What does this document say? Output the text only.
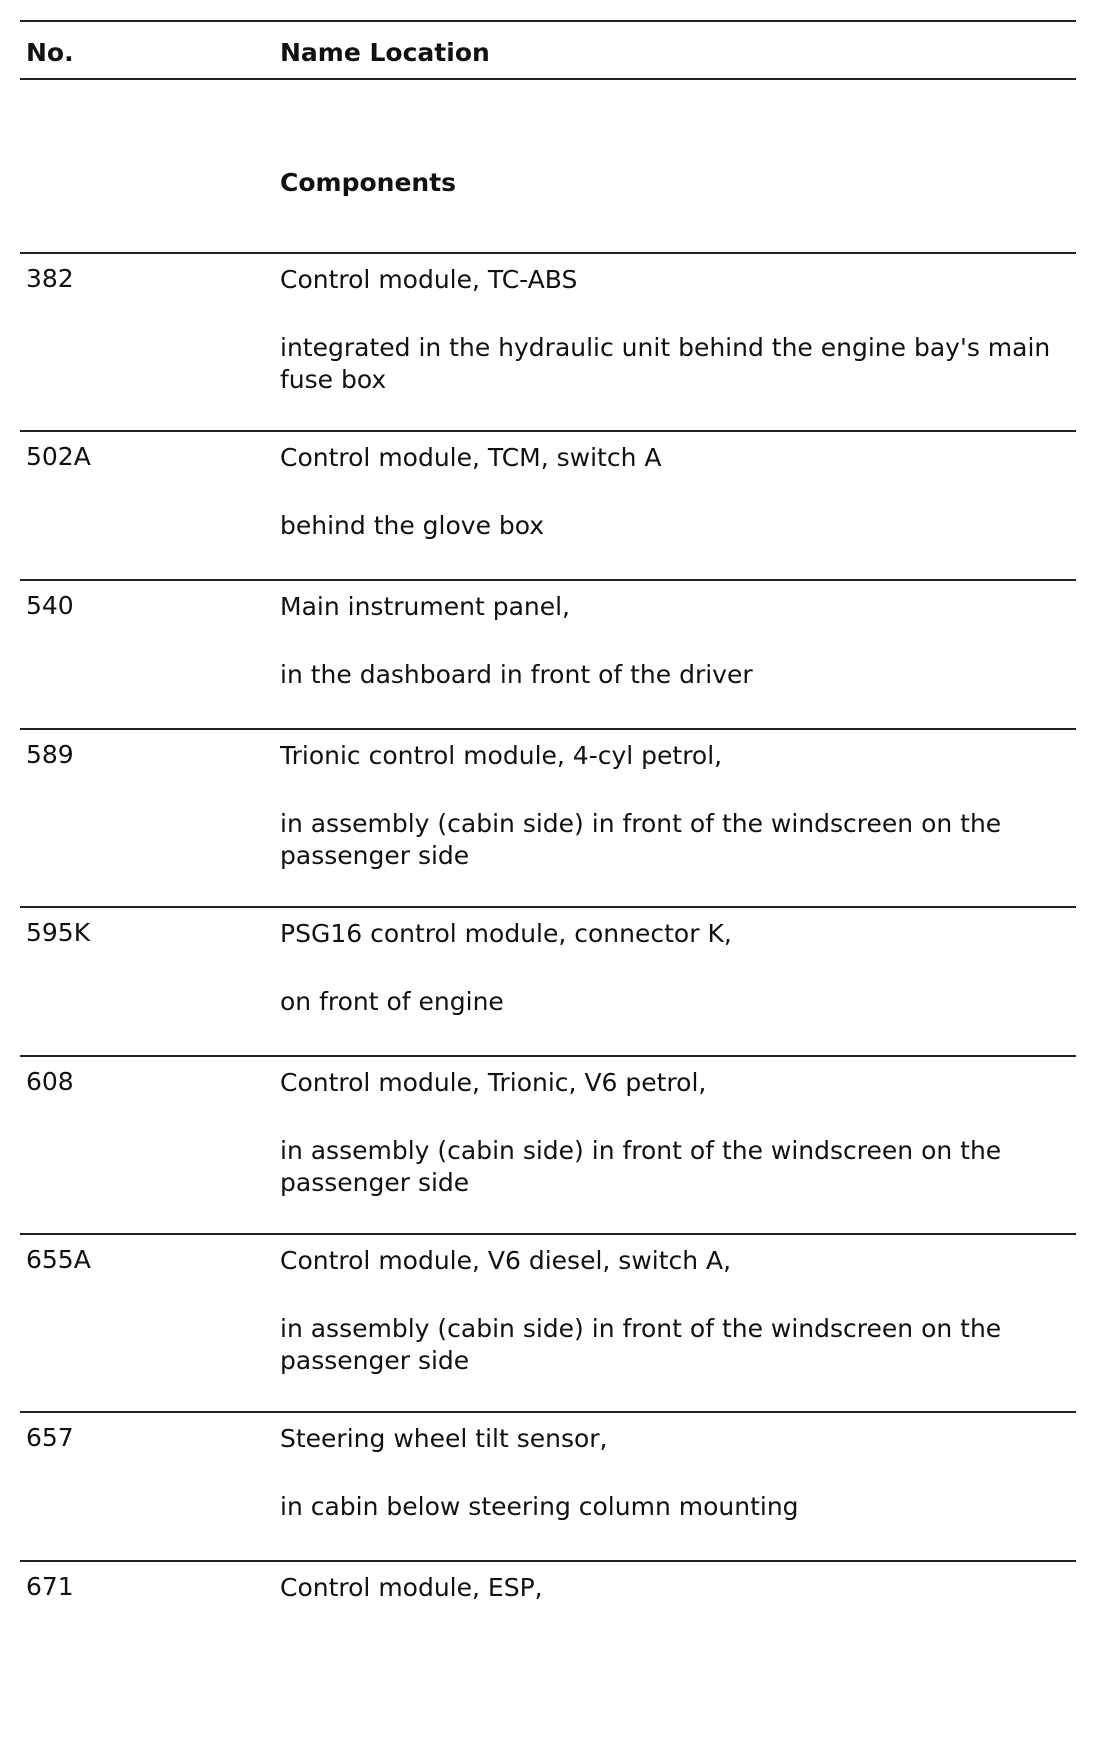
No.	Name Location
Components
382	Control module, TC-ABS
integrated in the hydraulic unit behind the engine bay's main fuse box
502A	Control module, TCM, switch A
behind the glove box
540	Main instrument panel,
in the dashboard in front of the driver
589	Trionic control module, 4-cyl petrol,
in assembly (cabin side) in front of the windscreen on the passenger side
595K	PSG16 control module, connector K,
on front of engine
608	Control module, Trionic, V6 petrol,
in assembly (cabin side) in front of the windscreen on the passenger side
655A	Control module, V6 diesel, switch A,
in assembly (cabin side) in front of the windscreen on the passenger side
657	Steering wheel tilt sensor,
in cabin below steering column mounting
671	Control module, ESP,
